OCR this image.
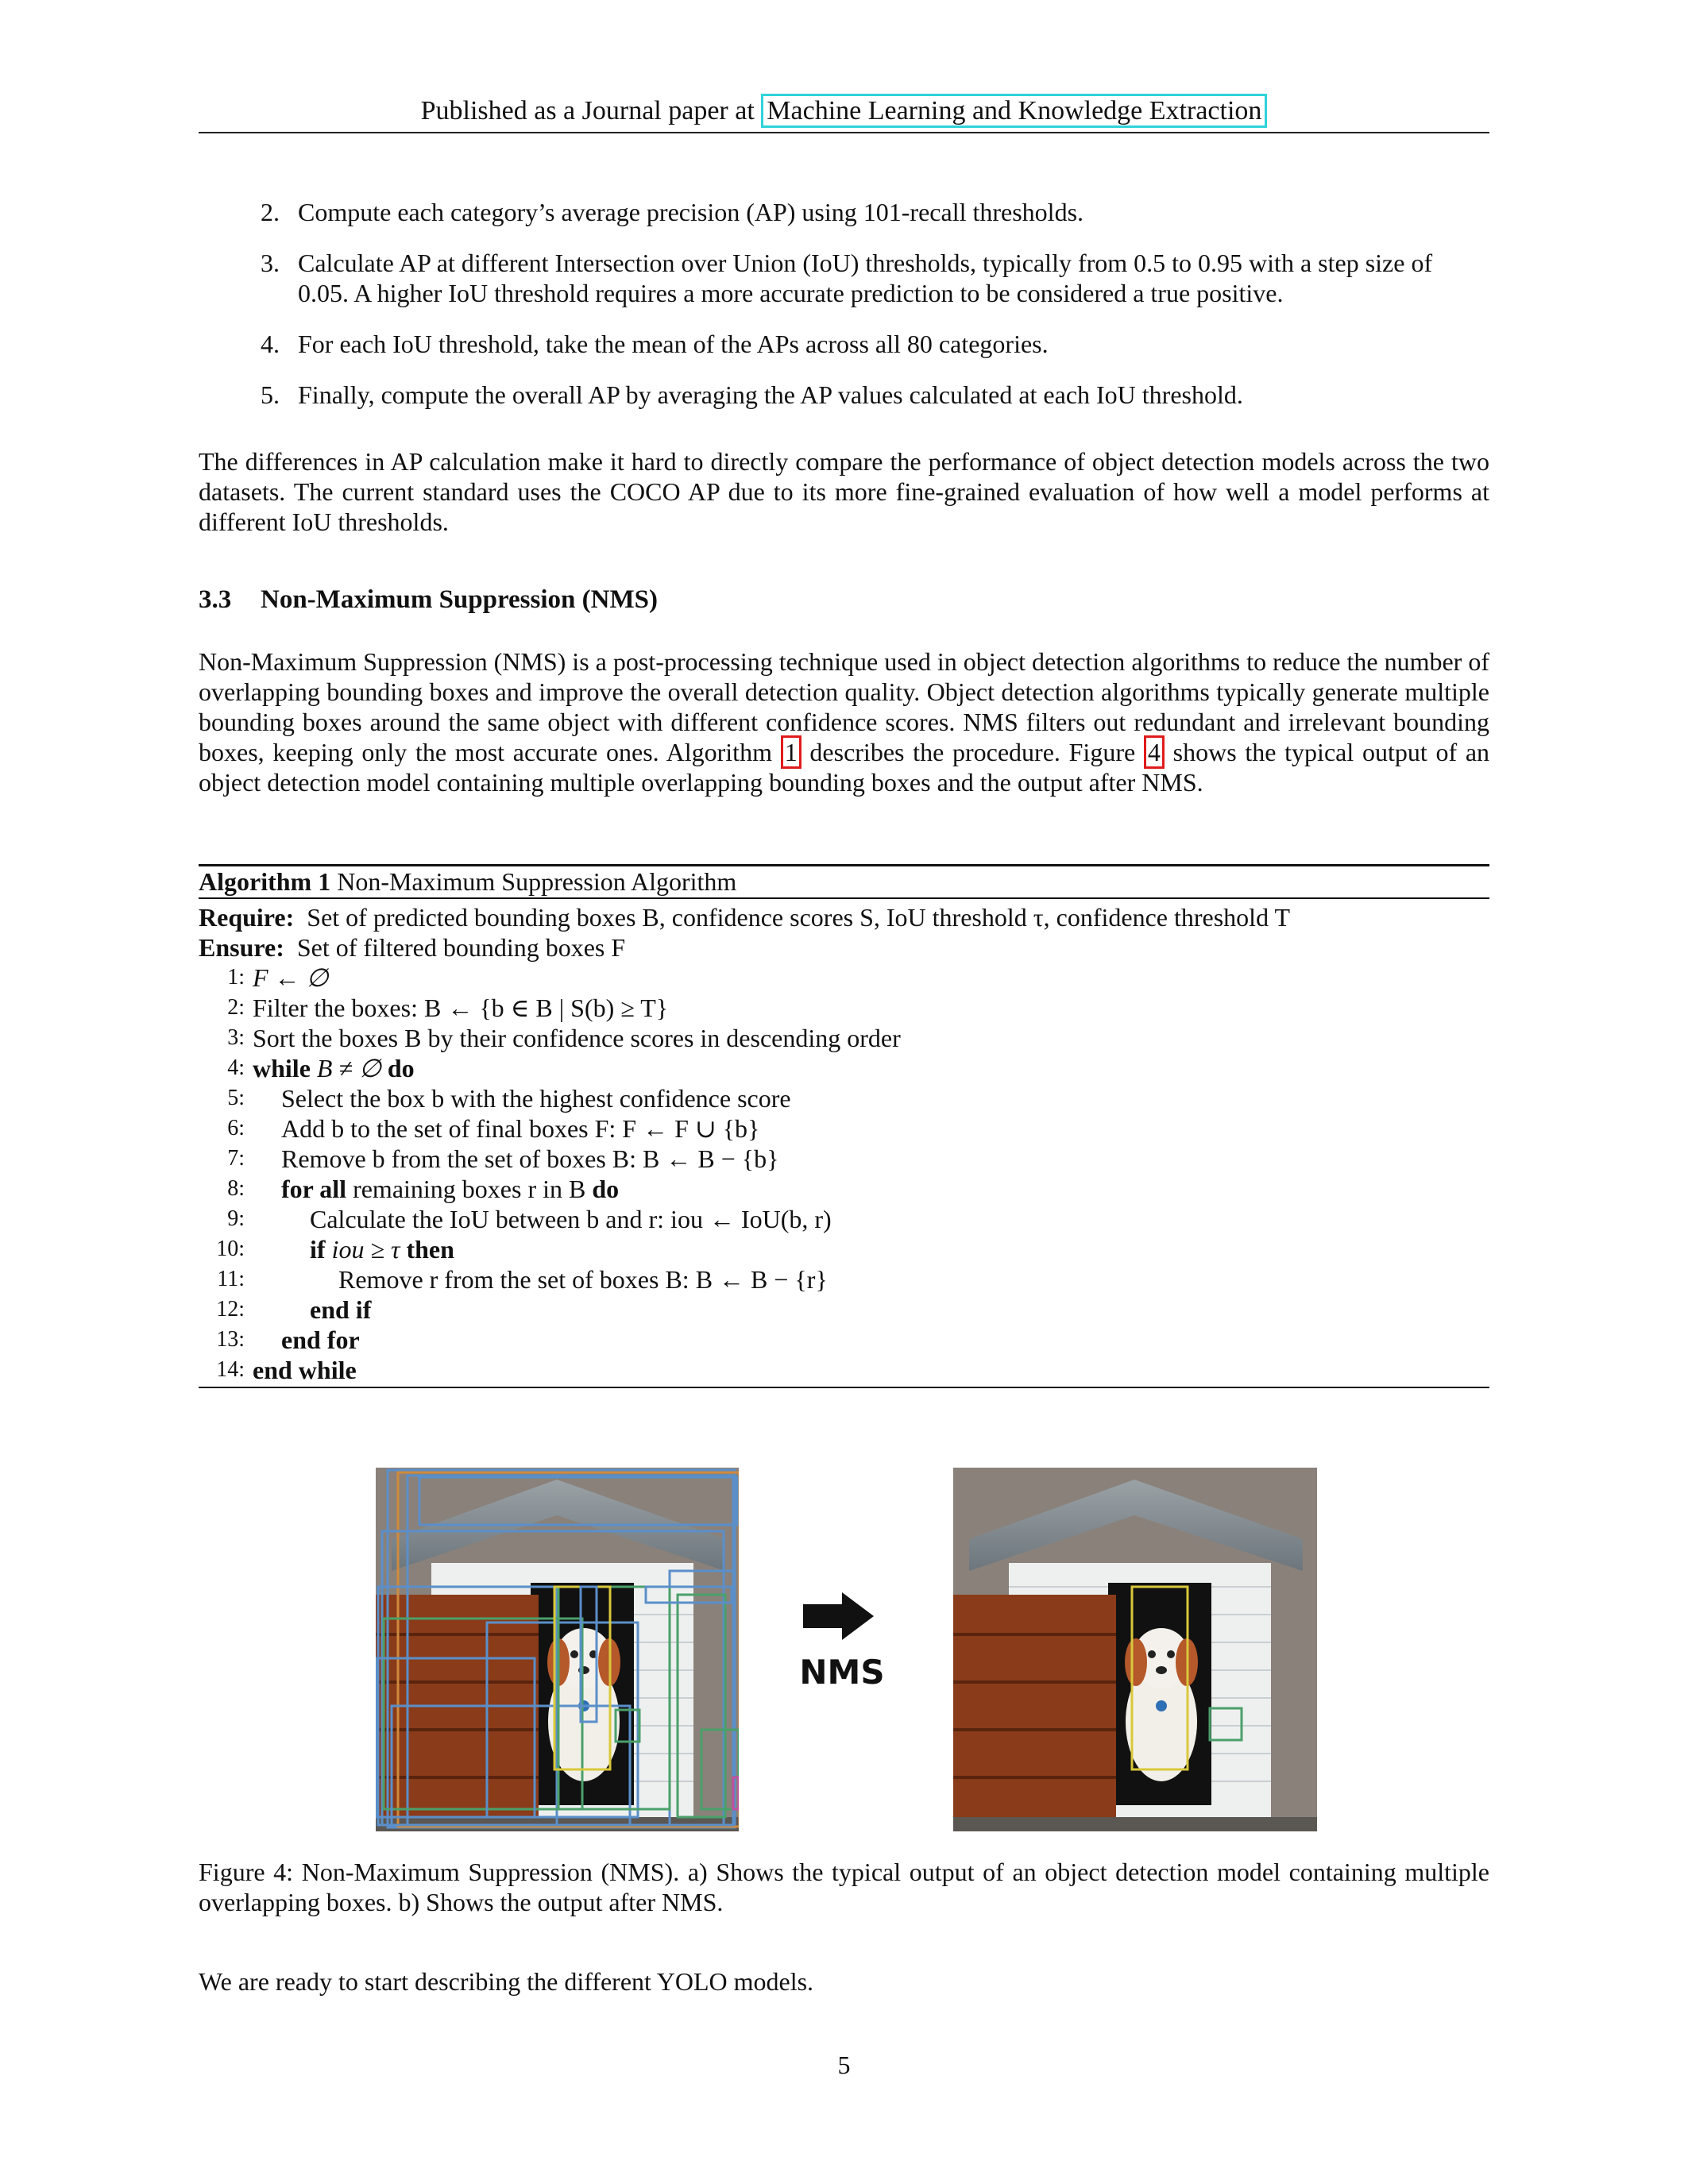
Published as a Journal paper at Machine Learning and Knowledge Extraction
2. Compute each category’s average precision (AP) using 101-recall thresholds.
3. Calculate AP at different Intersection over Union (IoU) thresholds, typically from 0.5 to 0.95 with a step size of 0.05. A higher IoU threshold requires a more accurate prediction to be considered a true positive.
4. For each IoU threshold, take the mean of the APs across all 80 categories.
5. Finally, compute the overall AP by averaging the AP values calculated at each IoU threshold.

The differences in AP calculation make it hard to directly compare the performance of object detection models across the two datasets. The current standard uses the COCO AP due to its more fine-grained evaluation of how well a model performs at different IoU thresholds.

3.3 Non-Maximum Suppression (NMS)

Non-Maximum Suppression (NMS) is a post-processing technique used in object detection algorithms to reduce the number of overlapping bounding boxes and improve the overall detection quality. Object detection algorithms typically generate multiple bounding boxes around the same object with different confidence scores. NMS filters out redundant and irrelevant bounding boxes, keeping only the most accurate ones. Algorithm 1 describes the procedure. Figure 4 shows the typical output of an object detection model containing multiple overlapping bounding boxes and the output after NMS.

Algorithm 1 Non-Maximum Suppression Algorithm
Require: Set of predicted bounding boxes B, confidence scores S, IoU threshold τ, confidence threshold T
Ensure: Set of filtered bounding boxes F
1: F ← ∅
2: Filter the boxes: B ← {b ∈ B | S(b) ≥ T}
3: Sort the boxes B by their confidence scores in descending order
4: while B ≠ ∅ do
5:	Select the box b with the highest confidence score
6:	Add b to the set of final boxes F: F ← F ∪ {b}
7:	Remove b from the set of boxes B: B ← B − {b}
8:	for all remaining boxes r in B do
9:	Calculate the IoU between b and r: iou ← IoU(b, r)
10:	if iou ≥ τ then
11:	Remove r from the set of boxes B: B ← B − {r}
12:	end if
13:	end for
14: end while
NMS

Figure 4: Non-Maximum Suppression (NMS). a) Shows the typical output of an object detection model containing multiple overlapping boxes. b) Shows the output after NMS.

We are ready to start describing the different YOLO models.

5
